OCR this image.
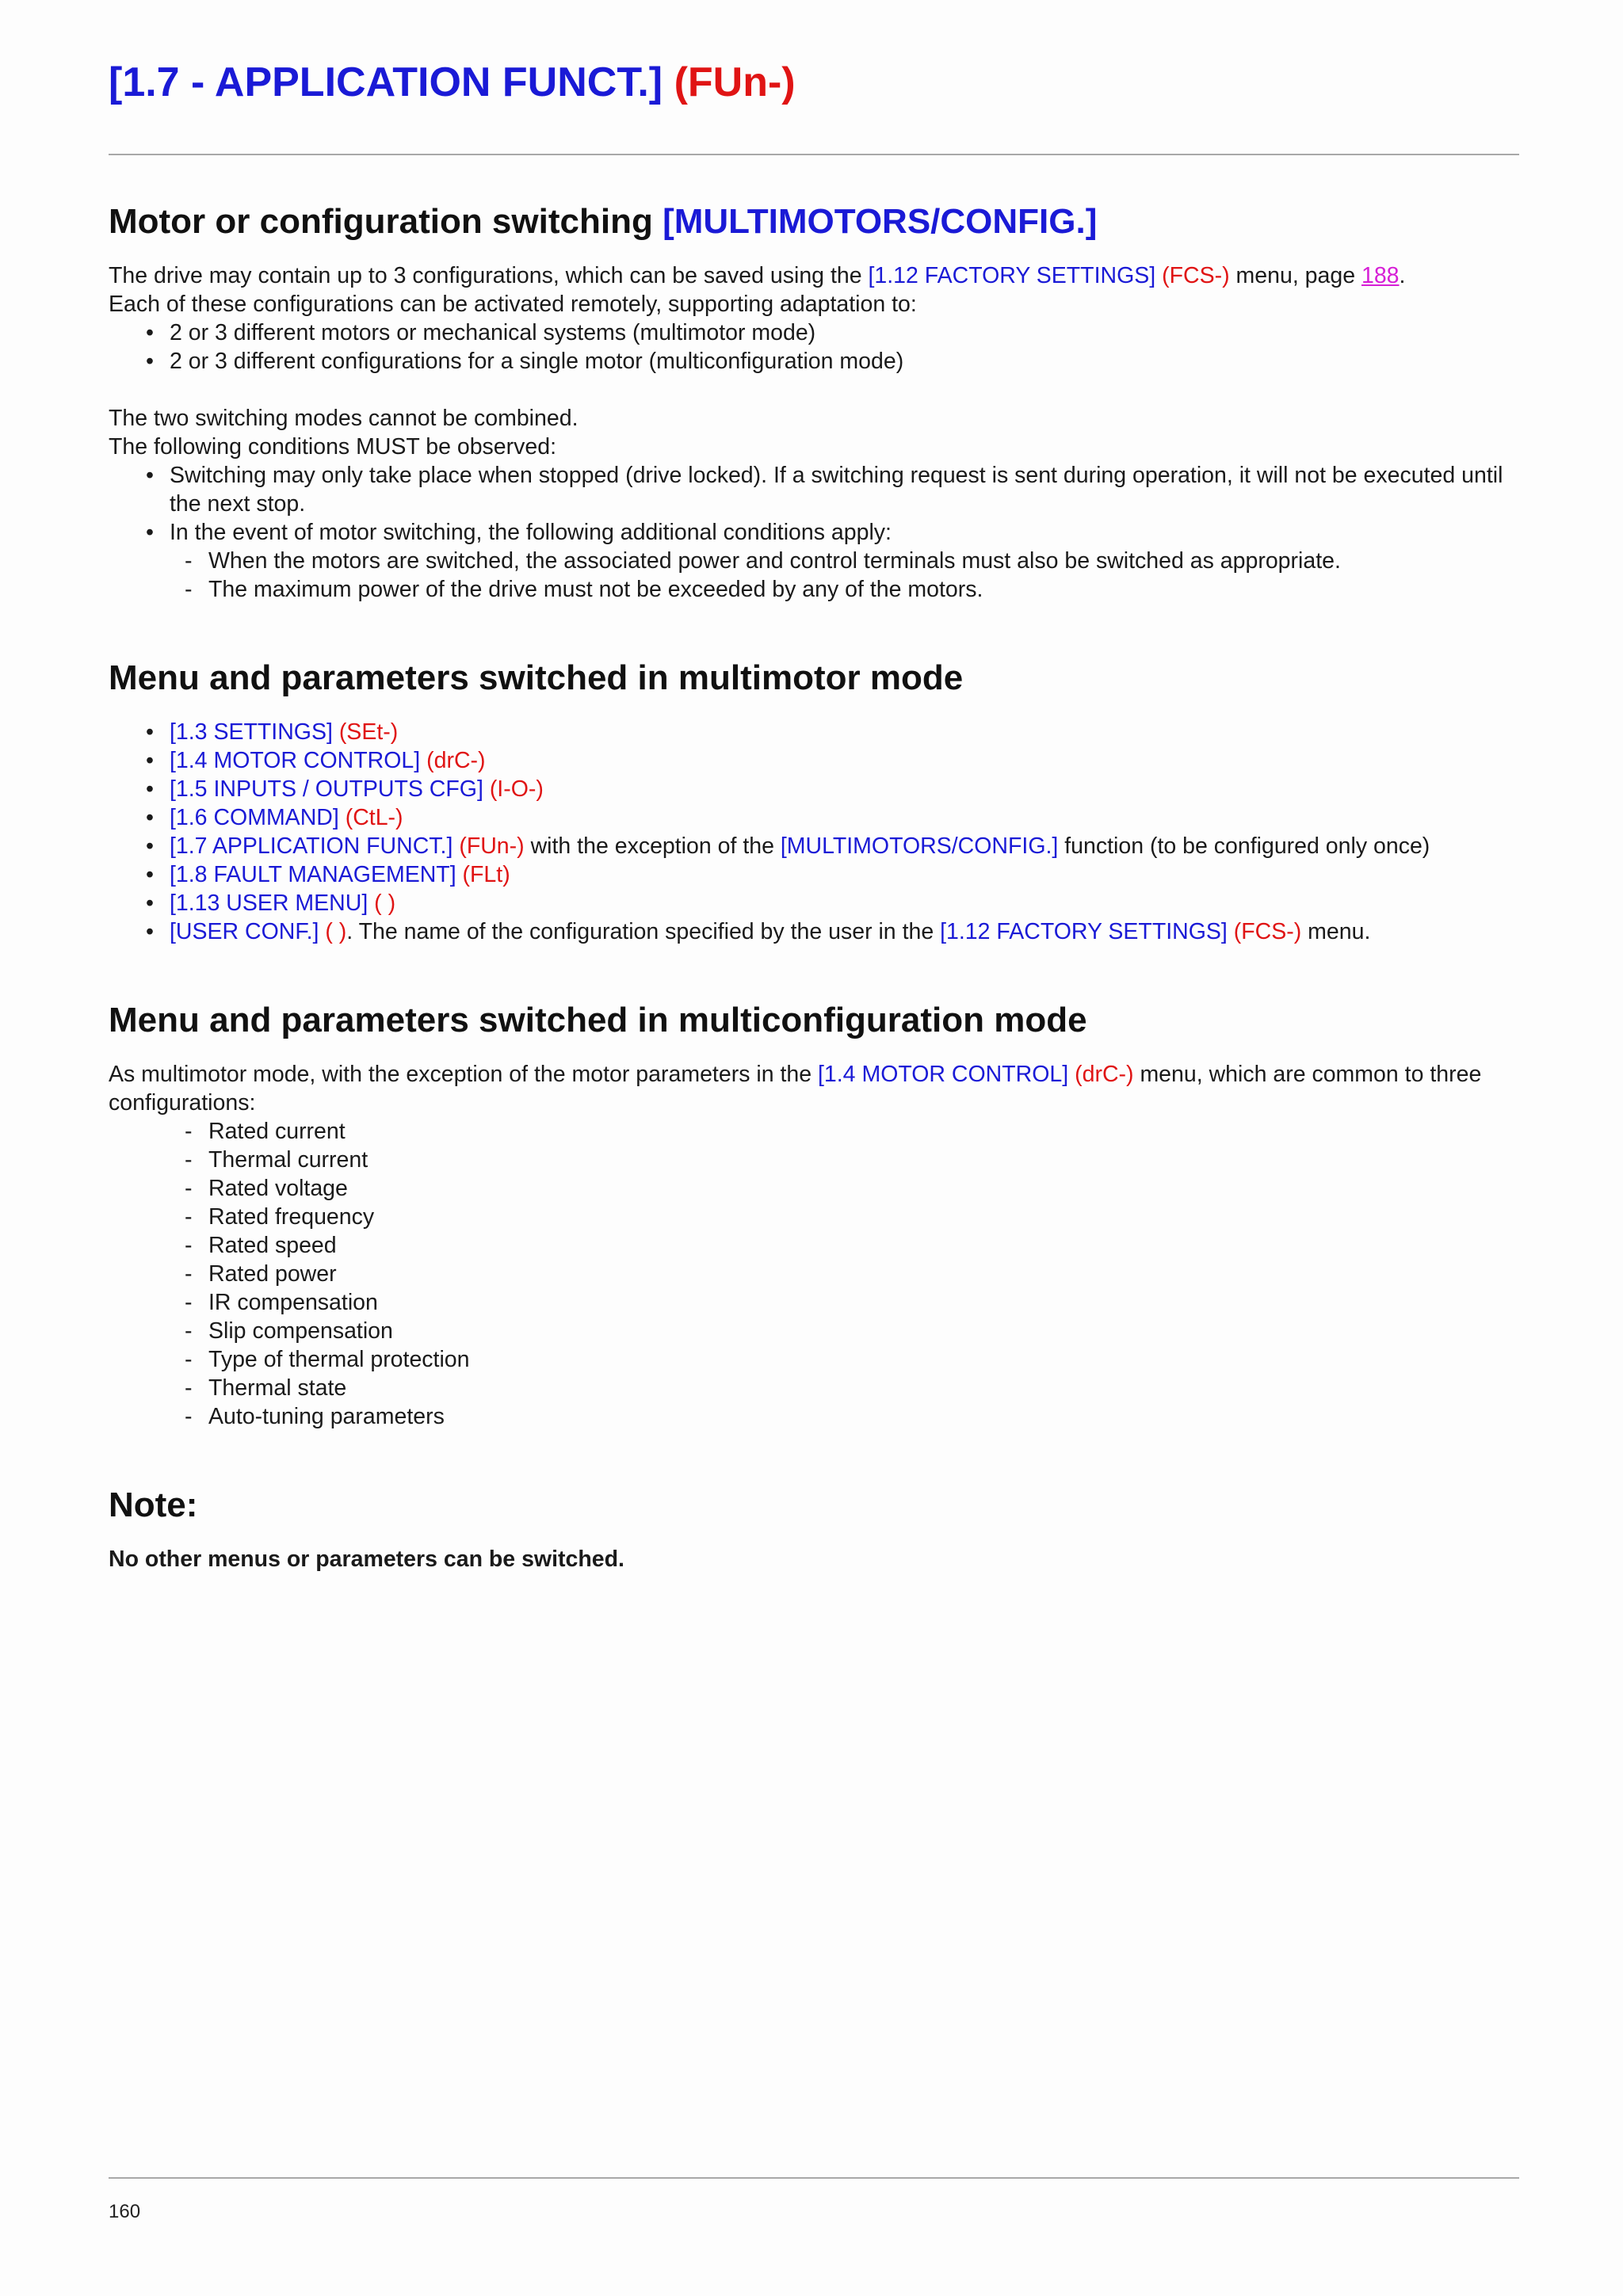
[1.7 - APPLICATION FUNCT.] (FUn-)
Motor or configuration switching [MULTIMOTORS/CONFIG.]

The drive may contain up to 3 configurations, which can be saved using the [1.12 FACTORY SETTINGS] (FCS-) menu, page 188.

Each of these configurations can be activated remotely, supporting adaptation to:

• 2 or 3 different motors or mechanical systems (multimotor mode)
• 2 or 3 different configurations for a single motor (multiconfiguration mode)

The two switching modes cannot be combined.

The following conditions MUST be observed:

• Switching may only take place when stopped (drive locked). If a switching request is sent during operation, it will not be executed until the next stop.
• In the event of motor switching, the following additional conditions apply:
- When the motors are switched, the associated power and control terminals must also be switched as appropriate.
- The maximum power of the drive must not be exceeded by any of the motors.
Menu and parameters switched in multimotor mode
• [1.3 SETTINGS] (SEt-)
• [1.4 MOTOR CONTROL] (drC-)
• [1.5 INPUTS / OUTPUTS CFG] (I-O-)
• [1.6 COMMAND] (CtL-)
• [1.7 APPLICATION FUNCT.] (FUn-) with the exception of the [MULTIMOTORS/CONFIG.] function (to be configured only once)
• [1.8 FAULT MANAGEMENT] (FLt)
• [1.13 USER MENU] ( )
• [USER CONF.] ( ). The name of the configuration specified by the user in the [1.12 FACTORY SETTINGS] (FCS-) menu.
Menu and parameters switched in multiconfiguration mode

As multimotor mode, with the exception of the motor parameters in the [1.4 MOTOR CONTROL] (drC-) menu, which are common to three configurations:

- Rated current
- Thermal current
- Rated voltage
- Rated frequency
- Rated speed
- Rated power
- IR compensation
- Slip compensation
- Type of thermal protection
- Thermal state
- Auto-tuning parameters
Note:

No other menus or parameters can be switched.

160
